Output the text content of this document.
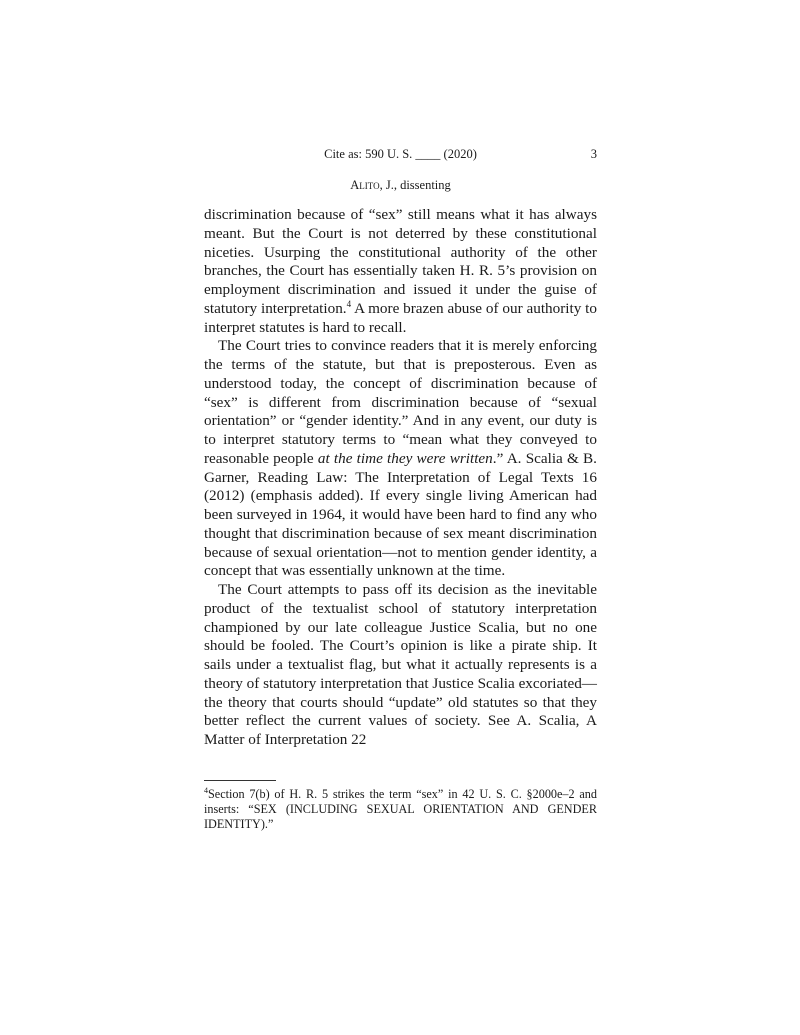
Cite as: 590 U. S. ____ (2020)	3
Alito, J., dissenting

discrimination because of “sex” still means what it has always meant. But the Court is not deterred by these constitutional niceties. Usurping the constitutional authority of the other branches, the Court has essentially taken H. R. 5’s provision on employment discrimination and issued it under the guise of statutory interpretation.$^4$ A more brazen abuse of our authority to interpret statutes is hard to recall.

The Court tries to convince readers that it is merely enforcing the terms of the statute, but that is preposterous. Even as understood today, the concept of discrimination because of “sex” is different from discrimination because of “sexual orientation” or “gender identity.” And in any event, our duty is to interpret statutory terms to “mean what they conveyed to reasonable people at the time they were written.” A. Scalia & B. Garner, Reading Law: The Interpretation of Legal Texts 16 (2012) (emphasis added). If every single living American had been surveyed in 1964, it would have been hard to find any who thought that discrimination because of sex meant discrimination because of sexual orientation—not to mention gender identity, a concept that was essentially unknown at the time.

The Court attempts to pass off its decision as the inevitable product of the textualist school of statutory interpretation championed by our late colleague Justice Scalia, but no one should be fooled. The Court’s opinion is like a pirate ship. It sails under a textualist flag, but what it actually represents is a theory of statutory interpretation that Justice Scalia excoriated—the theory that courts should “update” old statutes so that they better reflect the current values of society. See A. Scalia, A Matter of Interpretation 22

$^4$Section 7(b) of H. R. 5 strikes the term “sex” in 42 U. S. C. §2000e–2 and inserts: “SEX (INCLUDING SEXUAL ORIENTATION AND GENDER IDENTITY).”
